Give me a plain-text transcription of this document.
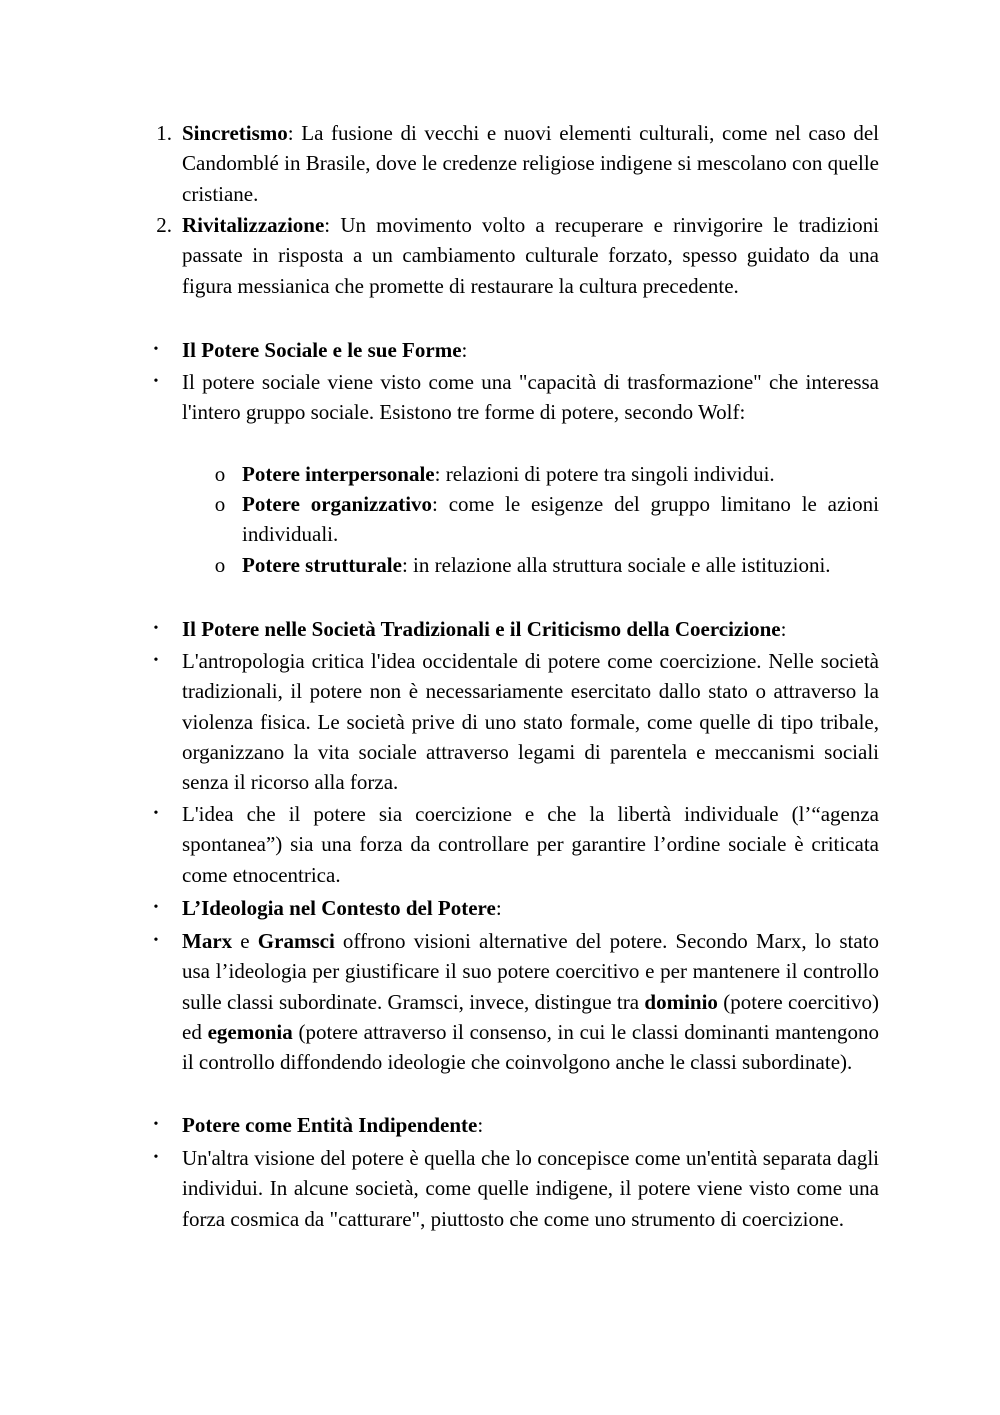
1. Sincretismo: La fusione di vecchi e nuovi elementi culturali, come nel caso del Candomblé in Brasile, dove le credenze religiose indigene si mescolano con quelle cristiane.
2. Rivitalizzazione: Un movimento volto a recuperare e rinvigorire le tradizioni passate in risposta a un cambiamento culturale forzato, spesso guidato da una figura messianica che promette di restaurare la cultura precedente.
•	Il Potere Sociale e le sue Forme:
•	Il potere sociale viene visto come una "capacità di trasformazione" che interessa l'intero gruppo sociale. Esistono tre forme di potere, secondo Wolf:
o Potere interpersonale: relazioni di potere tra singoli individui.
o Potere organizzativo: come le esigenze del gruppo limitano le azioni individuali.
o Potere strutturale: in relazione alla struttura sociale e alle istituzioni.
•	Il Potere nelle Società Tradizionali e il Criticismo della Coercizione:
•	L'antropologia critica l'idea occidentale di potere come coercizione. Nelle società tradizionali, il potere non è necessariamente esercitato dallo stato o attraverso la violenza fisica. Le società prive di uno stato formale, come quelle di tipo tribale, organizzano la vita sociale attraverso legami di parentela e meccanismi sociali senza il ricorso alla forza.
•	L'idea che il potere sia coercizione e che la libertà individuale (l’“agenza spontanea”) sia una forza da controllare per garantire l’ordine sociale è criticata come etnocentrica.
•	L’Ideologia nel Contesto del Potere:
•	Marx e Gramsci offrono visioni alternative del potere. Secondo Marx, lo stato usa l’ideologia per giustificare il suo potere coercitivo e per mantenere il controllo sulle classi subordinate. Gramsci, invece, distingue tra dominio (potere coercitivo) ed egemonia (potere attraverso il consenso, in cui le classi dominanti mantengono il controllo diffondendo ideologie che coinvolgono anche le classi subordinate).
•	Potere come Entità Indipendente:
•	Un'altra visione del potere è quella che lo concepisce come un'entità separata dagli individui. In alcune società, come quelle indigene, il potere viene visto come una forza cosmica da "catturare", piuttosto che come uno strumento di coercizione.
